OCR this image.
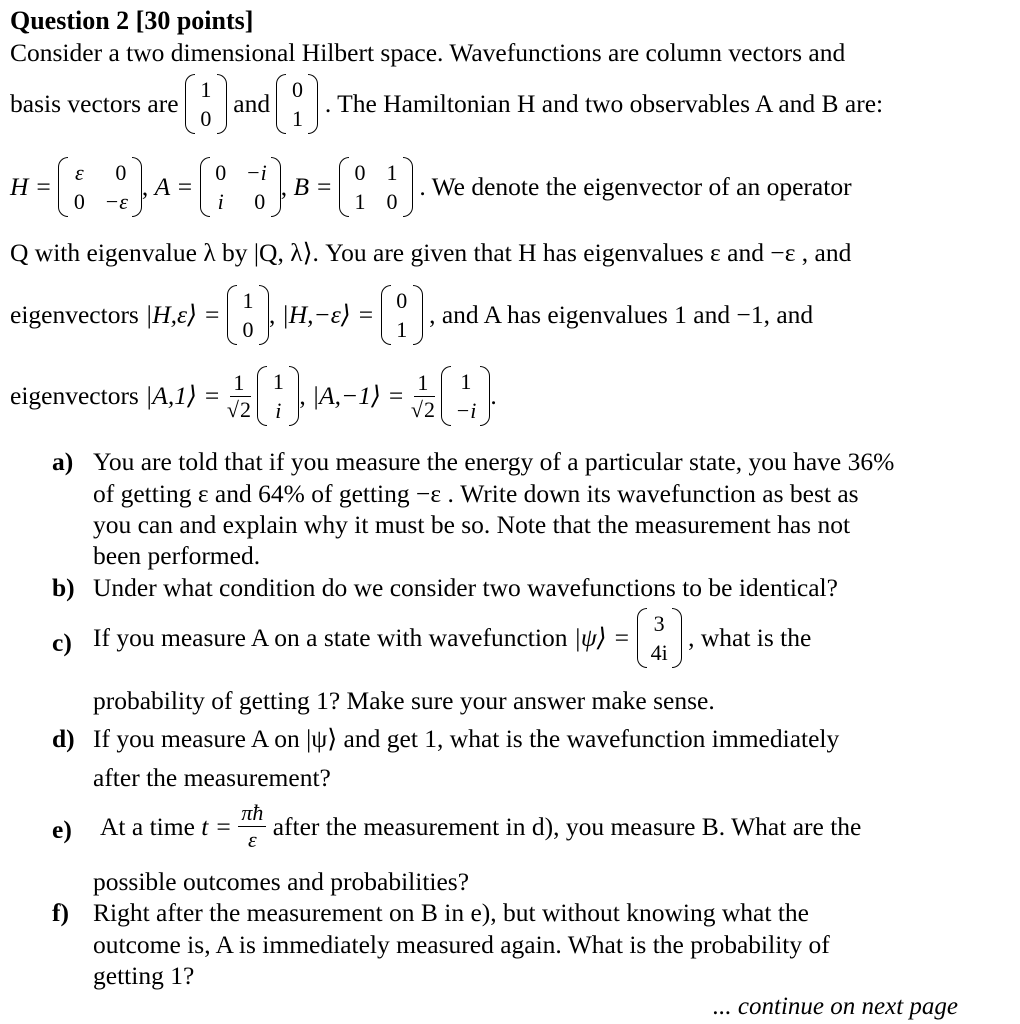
Question 2 [30 points]
Consider a two dimensional Hilbert space. Wavefunctions are column vectors and
basis vectors are 1
0
and 0
1
. The Hamiltonian H and two observables A and B are:
H = ε 0
0 −ε
, A = 0 −i
i 0
, B = 0 1
1 0
. We denote the eigenvector of an operator
Q with eigenvalue λ by |Q, λ⟩. You are given that H has eigenvalues ε and −ε , and
eigenvectors |H,ε⟩ = 1
0
, |H,−ε⟩ = 0
1
, and A has eigenvalues 1 and −1, and
eigenvectors |A,1⟩ = $\frac{1}{√2}$
1
i
, |A,−1⟩ = $\frac{1}{√2}$
1
−i
.
a) You are told that if you measure the energy of a particular state, you have 36%
of getting ε and 64% of getting −ε . Write down its wavefunction as best as
you can and explain why it must be so. Note that the measurement has not
been performed.
b) Under what condition do we consider two wavefunctions to be identical?
c) If you measure A on a state with wavefunction |ψ⟩ = 3
4i
, what is the
probability of getting 1? Make sure your answer make sense.
d) If you measure A on |ψ⟩ and get 1, what is the wavefunction immediately
after the measurement?
e) At a time $t = \frac{\pi ħ}{\varepsilon}$ after the measurement in d), you measure B. What are the
possible outcomes and probabilities?
f) Right after the measurement on B in e), but without knowing what the
outcome is, A is immediately measured again. What is the probability of
getting 1?
... continue on next page
